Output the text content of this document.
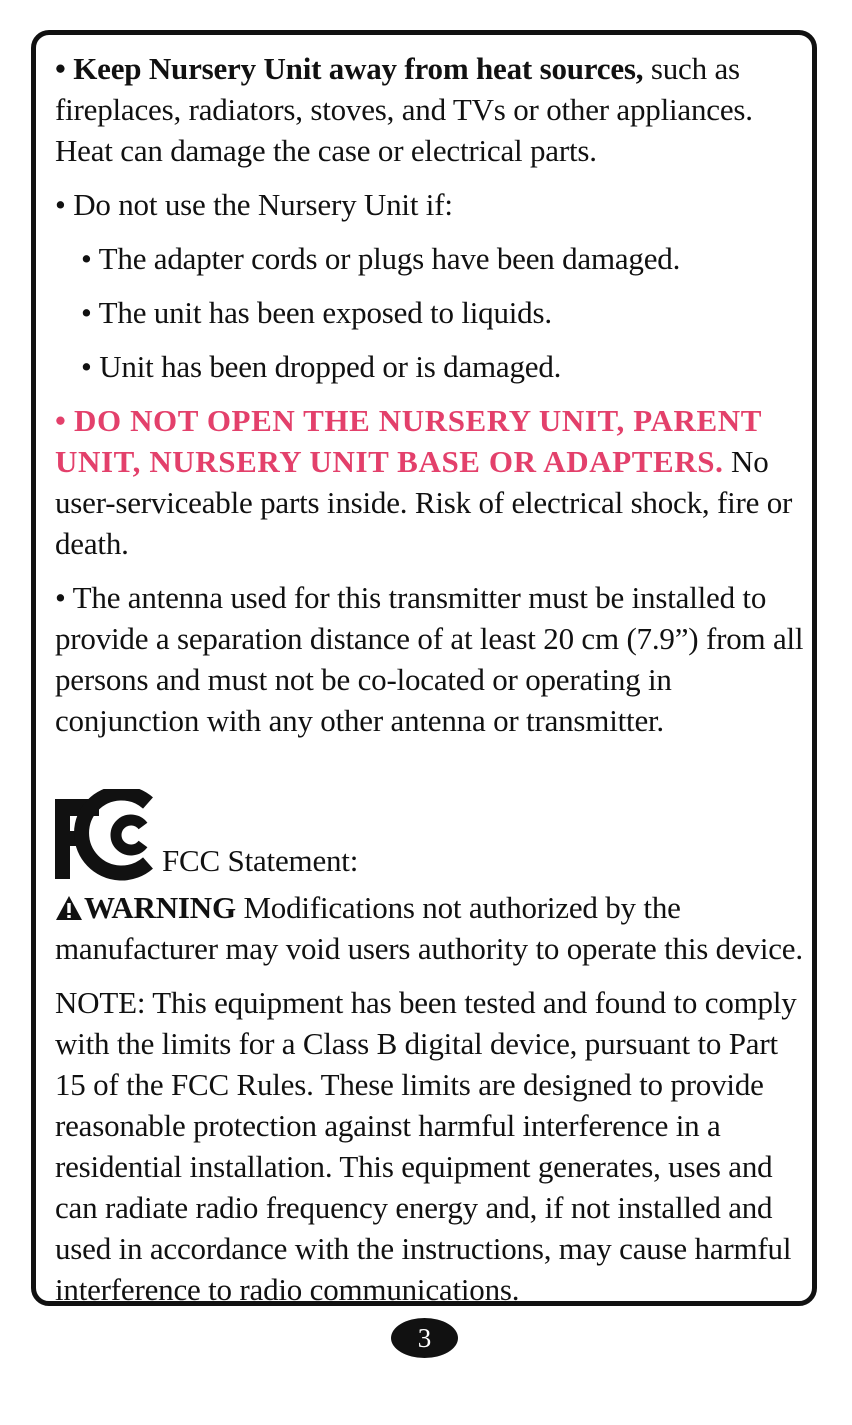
• Keep Nursery Unit away from heat sources, such as fireplaces, radiators, stoves, and TVs or other appliances. Heat can damage the case or electrical parts.

• Do not use the Nursery Unit if:

• The adapter cords or plugs have been damaged.

• The unit has been exposed to liquids.

• Unit has been dropped or is damaged.

• DO NOT OPEN THE NURSERY UNIT, PARENT UNIT, NURSERY UNIT BASE OR ADAPTERS. No user-serviceable parts inside. Risk of electrical shock, fire or death.

• The antenna used for this transmitter must be installed to provide a separation distance of at least 20 cm (7.9”) from all persons and must not be co-located or operating in conjunction with any other antenna or transmitter.

FCC Statement:

WARNING Modifications not authorized by the manufacturer may void users authority to operate this device.

NOTE: This equipment has been tested and found to comply with the limits for a Class B digital device, pursuant to Part 15 of the FCC Rules. These limits are designed to provide reasonable protection against harmful interference in a residential installation. This equipment generates, uses and can radiate radio frequency energy and, if not installed and used in accordance with the instructions, may cause harmful interference to radio communications.

3
